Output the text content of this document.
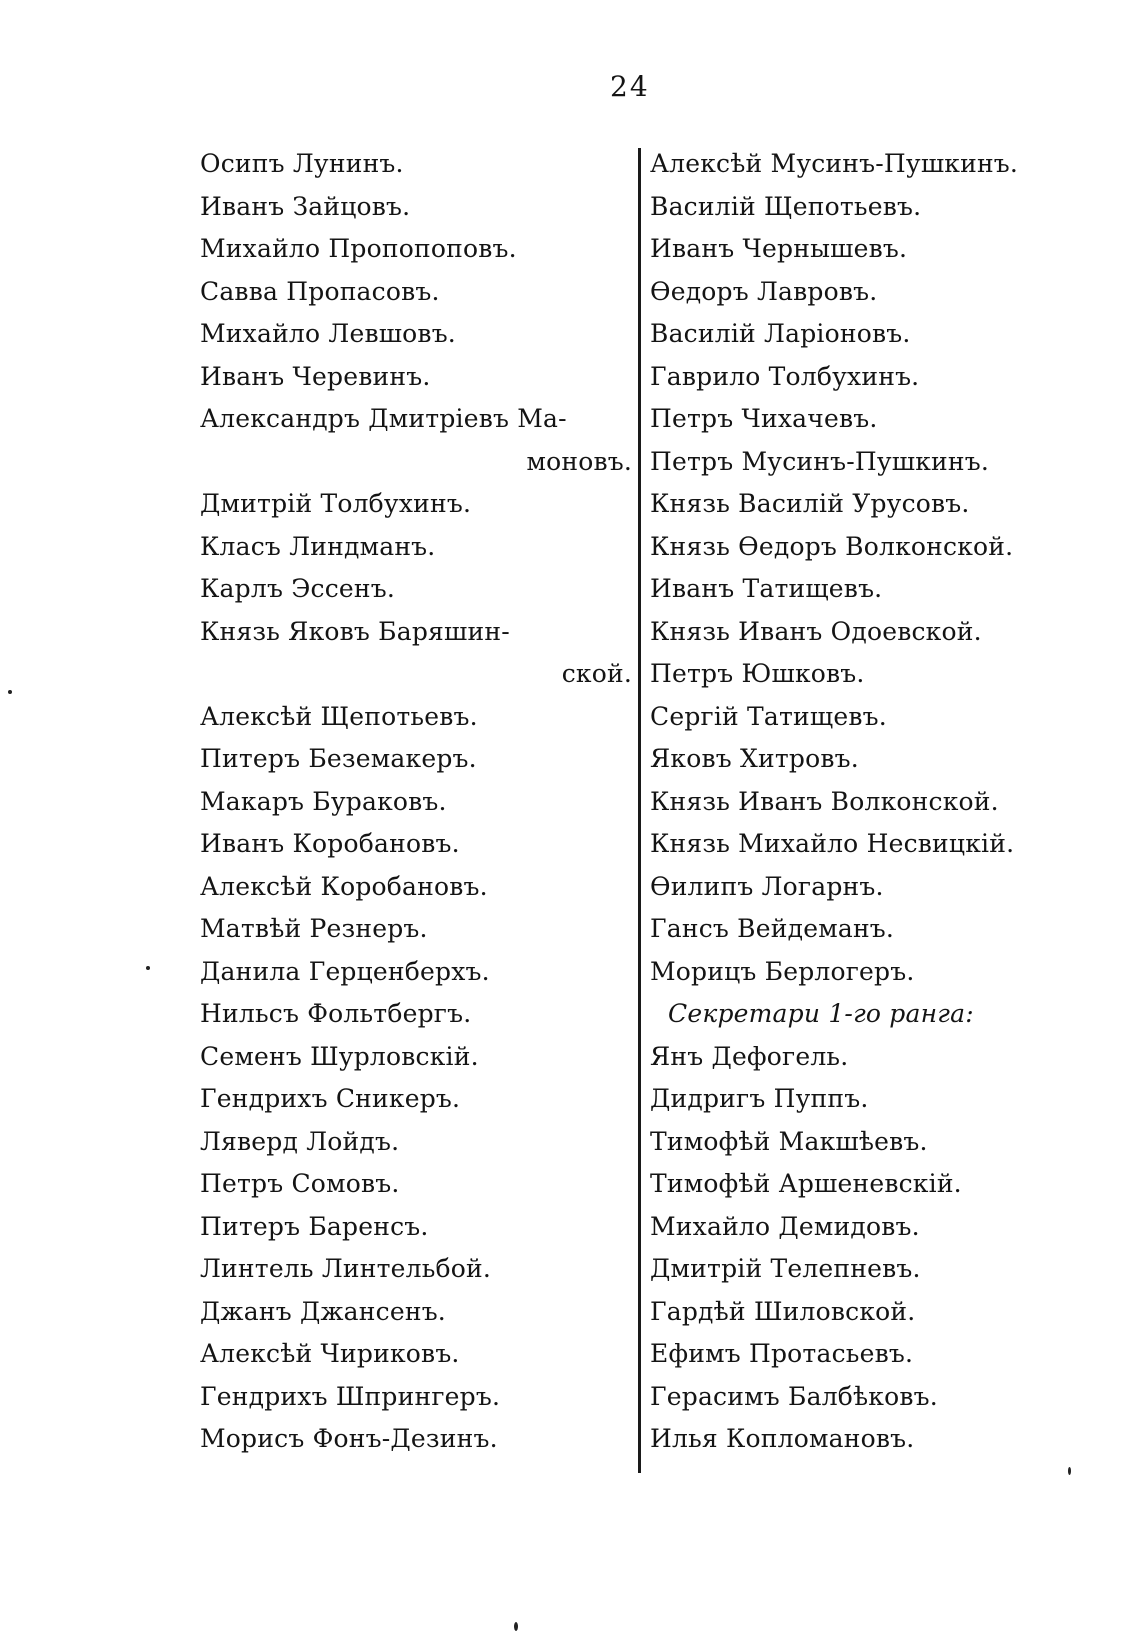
24
Осипъ Лунинъ.
Иванъ Зайцовъ.
Михайло Пропопоповъ.
Савва Пропасовъ.
Михайло Левшовъ.
Иванъ Черевинъ.
Александръ Дмитріевъ Ма-
моновъ.
Дмитрій Толбухинъ.
Класъ Линдманъ.
Карлъ Эссенъ.
Князь Яковъ Баряшин-
ской.
Алексѣй Щепотьевъ.
Питеръ Беземакеръ.
Макаръ Бураковъ.
Иванъ Коробановъ.
Алексѣй Коробановъ.
Матвѣй Резнеръ.
Данила Герценберхъ.
Нильсъ Фольтбергъ.
Семенъ Шурловскій.
Гендрихъ Сникеръ.
Ляверд Лойдъ.
Петръ Сомовъ.
Питеръ Баренсъ.
Линтель Линтельбой.
Джанъ Джансенъ.
Алексѣй Чириковъ.
Гендрихъ Шпрингеръ.
Морисъ Фонъ-Дезинъ.
Алексѣй Мусинъ-Пушкинъ.
Василій Щепотьевъ.
Иванъ Чернышевъ.
Өедоръ Лавровъ.
Василій Ларіоновъ.
Гаврило Толбухинъ.
Петръ Чихачевъ.
Петръ Мусинъ-Пушкинъ.
Князь Василій Урусовъ.
Князь Өедоръ Волконской.
Иванъ Татищевъ.
Князь Иванъ Одоевской.
Петръ Юшковъ.
Сергій Татищевъ.
Яковъ Хитровъ.
Князь Иванъ Волконской.
Князь Михайло Несвицкій.
Өилипъ Логарнъ.
Гансъ Вейдеманъ.
Морицъ Берлогеръ.
Секретари 1-го ранга:
Янъ Дефогель.
Дидригъ Пуппъ.
Тимофѣй Макшѣевъ.
Тимофѣй Аршеневскій.
Михайло Демидовъ.
Дмитрій Телепневъ.
Гардѣй Шиловской.
Ефимъ Протасьевъ.
Герасимъ Балбѣковъ.
Илья Копломановъ.
